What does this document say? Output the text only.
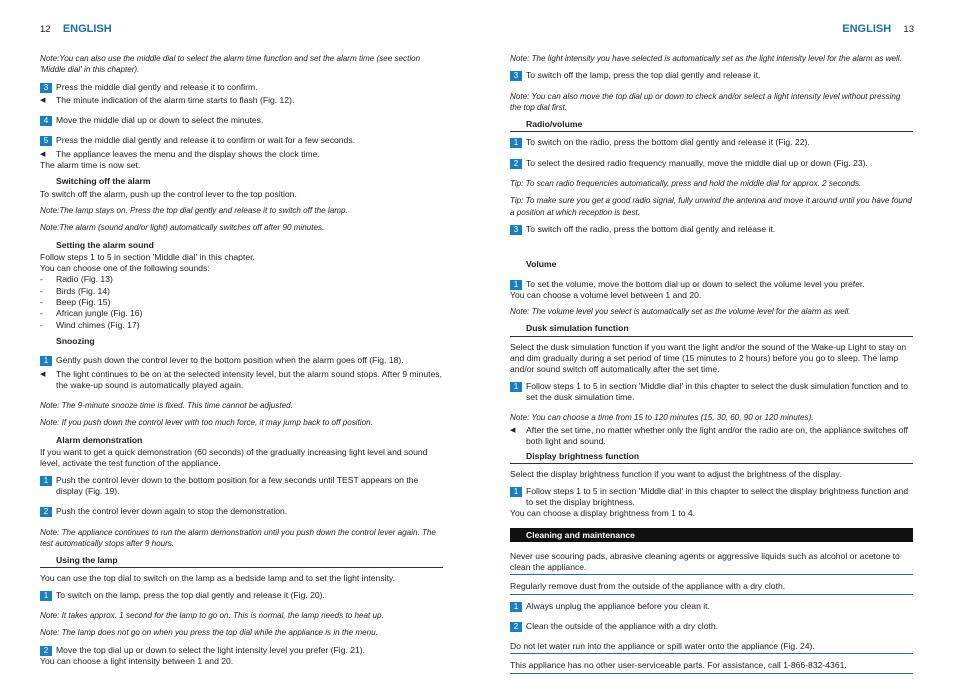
12 ENGLISH	ENGLISH 13
Note:You can also use the middle dial to select the alarm time function and set the alarm time (see section 'Middle dial' in this chapter).
3 Press the middle dial gently and release it to confirm.
◀	The minute indication of the alarm time starts to flash (Fig. 12).
4 Move the middle dial up or down to select the minutes.
5 Press the middle dial gently and release it to confirm or wait for a few seconds.
◀	The appliance leaves the menu and the display shows the clock time.
The alarm time is now set.
Switching off the alarm
To switch off the alarm, push up the control lever to the top position.
Note:The lamp stays on. Press the top dial gently and release it to switch off the lamp.
Note:The alarm (sound and/or light) automatically switches off after 90 minutes.
Setting the alarm sound
Follow steps 1 to 5 in section 'Middle dial' in this chapter.
You can choose one of the following sounds:
-	Radio (Fig. 13)
-	Birds (Fig. 14)
-	Beep (Fig. 15)
-	African jungle (Fig. 16)
-	Wind chimes (Fig. 17)
Snoozing
1 Gently push down the control lever to the bottom position when the alarm goes off (Fig. 18).
◀	The light continues to be on at the selected intensity level, but the alarm sound stops. After 9 minutes, the wake-up sound is automatically played again.
Note: The 9-minute snooze time is fixed. This time cannot be adjusted.
Note: If you push down the control lever with too much force, it may jump back to off position.
Alarm demonstration
If you want to get a quick demonstration (60 seconds) of the gradually increasing light level and sound level, activate the test function of the appliance.
1 Push the control lever down to the bottom position for a few seconds until TEST appears on the display (Fig. 19).
2 Push the control lever down again to stop the demonstration.
Note: The appliance continues to run the alarm demonstration until you push down the control lever again. The test automatically stops after 9 hours.
Using the lamp
You can use the top dial to switch on the lamp as a bedside lamp and to set the light intensity.
1 To switch on the lamp, press the top dial gently and release it (Fig. 20).
Note: It takes approx. 1 second for the lamp to go on. This is normal, the lamp needs to heat up.
Note: The lamp does not go on when you press the top dial while the appliance is in the menu.
2 Move the top dial up or down to select the light intensity level you prefer (Fig. 21).
You can choose a light intensity between 1 and 20.
Note: The light intensity you have selected is automatically set as the light intensity level for the alarm as well.
3 To switch off the lamp, press the top dial gently and release it.
Note: You can also move the top dial up or down to check and/or select a light intensity level without pressing the top dial first.
Radio/volume
1 To switch on the radio, press the bottom dial gently and release it (Fig. 22).
2 To select the desired radio frequency manually, move the middle dial up or down (Fig. 23).
Tip: To scan radio frequencies automatically, press and hold the middle dial for approx. 2 seconds.
Tip: To make sure you get a good radio signal, fully unwind the antenna and move it around until you have found a position at which reception is best.
3 To switch off the radio, press the bottom dial gently and release it.
Volume
1 To set the volume, move the bottom dial up or down to select the volume level you prefer.
You can choose a volume level between 1 and 20.
Note: The volume level you select is automatically set as the volume level for the alarm as well.
Dusk simulation function
Select the dusk simulation function if you want the light and/or the sound of the Wake-up Light to stay on and dim gradually during a set period of time (15 minutes to 2 hours) before you go to sleep. The lamp and/or sound switch off automatically after the set time.
1 Follow steps 1 to 5 in section 'Middle dial' in this chapter to select the dusk simulation function and to set the dusk simulation time.
Note: You can choose a time from 15 to 120 minutes (15, 30, 60, 90 or 120 minutes).
◀	After the set time, no matter whether only the light and/or the radio are on, the appliance switches off both light and sound.
Display brightness function
Select the display brightness function if you want to adjust the brightness of the display.
1 Follow steps 1 to 5 in section 'Middle dial' in this chapter to select the display brightness function and to set the display brightness.
You can choose a display brightness from 1 to 4.
Cleaning and maintenance
Never use scouring pads, abrasive cleaning agents or aggressive liquids such as alcohol or acetone to clean the appliance.
Regularly remove dust from the outside of the appliance with a dry cloth.
1 Always unplug the appliance before you clean it.
2 Clean the outside of the appliance with a dry cloth.
Do not let water run into the appliance or spill water onto the appliance (Fig. 24).
This appliance has no other user-serviceable parts. For assistance, call 1-866-832-4361.
